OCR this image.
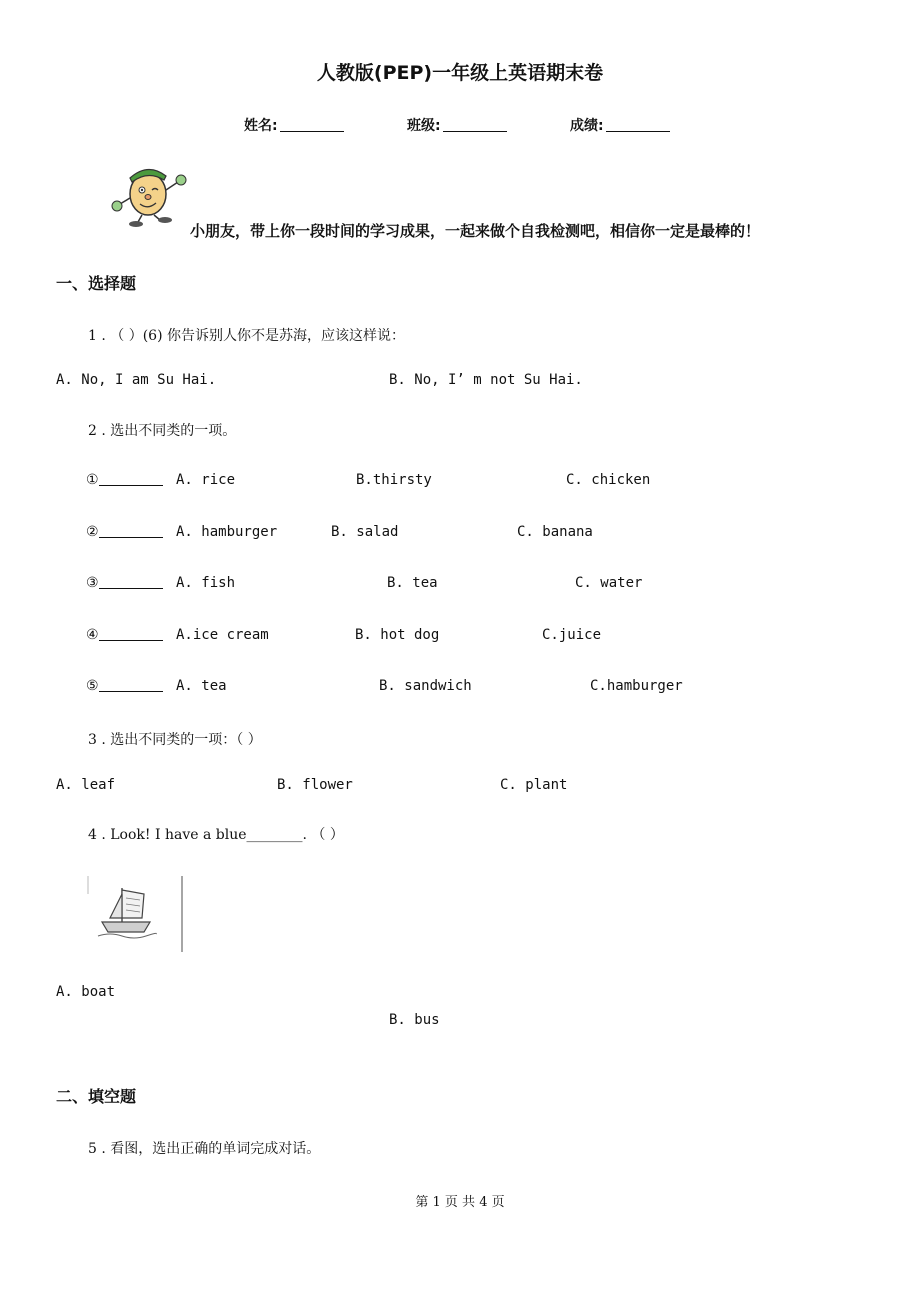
人教版(PEP)一年级上英语期末卷
姓名:	班级:	成绩:
小朋友，带上你一段时间的学习成果，一起来做个自我检测吧，相信你一定是最棒的！
一、选择题
1 . （ ）(6) 你告诉别人你不是苏海，应该这样说：
A. No, I am Su Hai.	B. No, I’ m not Su Hai.
2 . 选出不同类的一项。
①	A. rice	B.thirsty	C. chicken
②	A. hamburger	B. salad	C. banana
③	A. fish	B. tea	C. water
④	A.ice cream	B. hot dog	C.juice
⑤	A. tea	B. sandwich	C.hamburger
3 . 选出不同类的一项：（ ）
A. leaf	B. flower	C. plant
4 . Look! I have a blue________. （ ）
A. boat
B. bus
二、填空题
5 . 看图，选出正确的单词完成对话。
第 1 页 共 4 页
